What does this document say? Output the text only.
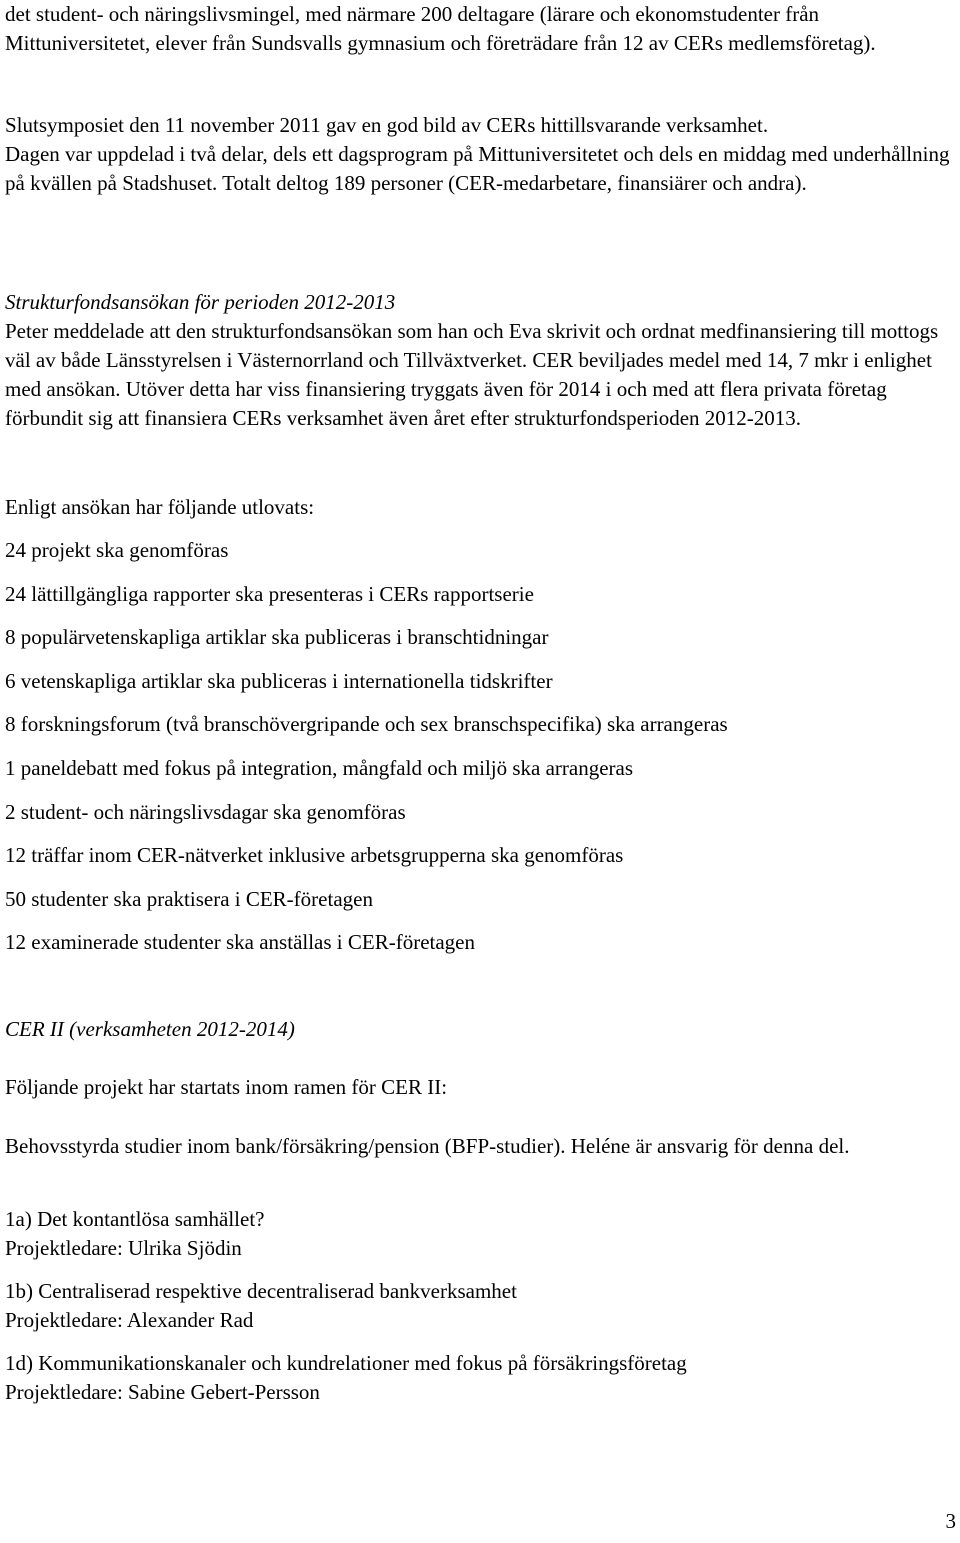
det student- och näringslivsmingel, med närmare 200 deltagare (lärare och ekonomstudenter från Mittuniversitetet, elever från Sundsvalls gymnasium och företrädare från 12 av CERs medlemsföretag).

Slutsymposiet den 11 november 2011 gav en god bild av CERs hittillsvarande verksamhet.
Dagen var uppdelad i två delar, dels ett dagsprogram på Mittuniversitetet och dels en middag med underhållning på kvällen på Stadshuset. Totalt deltog 189 personer (CER-medarbetare, finansiärer och andra).

Strukturfondsansökan för perioden 2012-2013

Peter meddelade att den strukturfondsansökan som han och Eva skrivit och ordnat medfinansiering till mottogs väl av både Länsstyrelsen i Västernorrland och Tillväxtverket. CER beviljades medel med 14, 7 mkr i enlighet med ansökan. Utöver detta har viss finansiering tryggats även för 2014 i och med att flera privata företag förbundit sig att finansiera CERs verksamhet även året efter strukturfondsperioden 2012-2013.

Enligt ansökan har följande utlovats:

24 projekt ska genomföras
24 lättillgängliga rapporter ska presenteras i CERs rapportserie
8 populärvetenskapliga artiklar ska publiceras i branschtidningar
6 vetenskapliga artiklar ska publiceras i internationella tidskrifter
8 forskningsforum (två branschövergripande och sex branschspecifika) ska arrangeras
1 paneldebatt med fokus på integration, mångfald och miljö ska arrangeras
2 student- och näringslivsdagar ska genomföras
12 träffar inom CER-nätverket inklusive arbetsgrupperna ska genomföras
50 studenter ska praktisera i CER-företagen
12 examinerade studenter ska anställas i CER-företagen

CER II (verksamheten 2012-2014)

Följande projekt har startats inom ramen för CER II:

Behovsstyrda studier inom bank/försäkring/pension (BFP-studier). Heléne är ansvarig för denna del.

1a) Det kontantlösa samhället?

Projektledare: Ulrika Sjödin

1b) Centraliserad respektive decentraliserad bankverksamhet

Projektledare: Alexander Rad

1d) Kommunikationskanaler och kundrelationer med fokus på försäkringsföretag

Projektledare: Sabine Gebert-Persson

3
